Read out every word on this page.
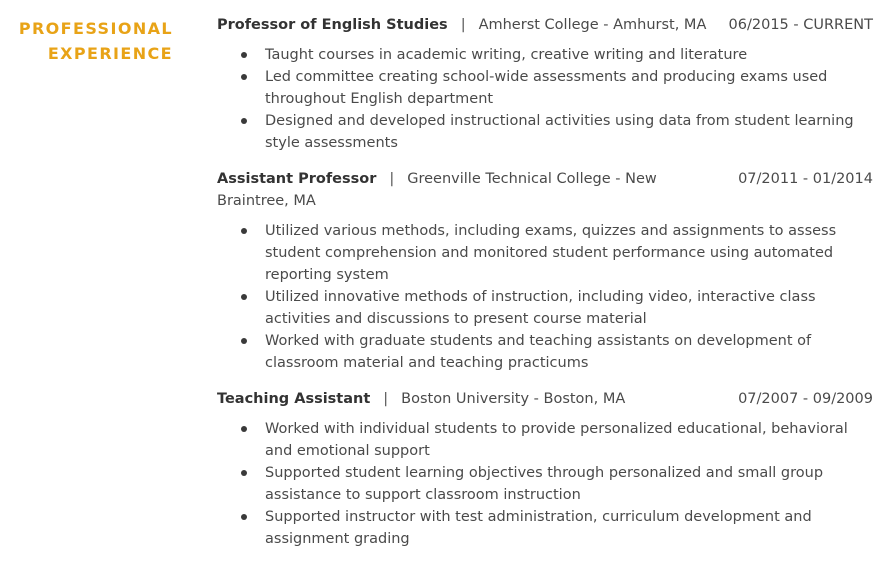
PROFESSIONAL
EXPERIENCE
Professor of English Studies | Amherst College - Amhurst, MA 06/2015 - CURRENT
Taught courses in academic writing, creative writing and literature
Led committee creating school-wide assessments and producing exams used throughout English department
Designed and developed instructional activities using data from student learning style assessments
Assistant Professor | Greenville Technical College - New Braintree, MA
07/2011 - 01/2014
Utilized various methods, including exams, quizzes and assignments to assess student comprehension and monitored student performance using automated reporting system
Utilized innovative methods of instruction, including video, interactive class activities and discussions to present course material
Worked with graduate students and teaching assistants on development of classroom material and teaching practicums
Teaching Assistant | Boston University - Boston, MA	07/2007 - 09/2009
Worked with individual students to provide personalized educational, behavioral and emotional support
Supported student learning objectives through personalized and small group assistance to support classroom instruction
Supported instructor with test administration, curriculum development and assignment grading
